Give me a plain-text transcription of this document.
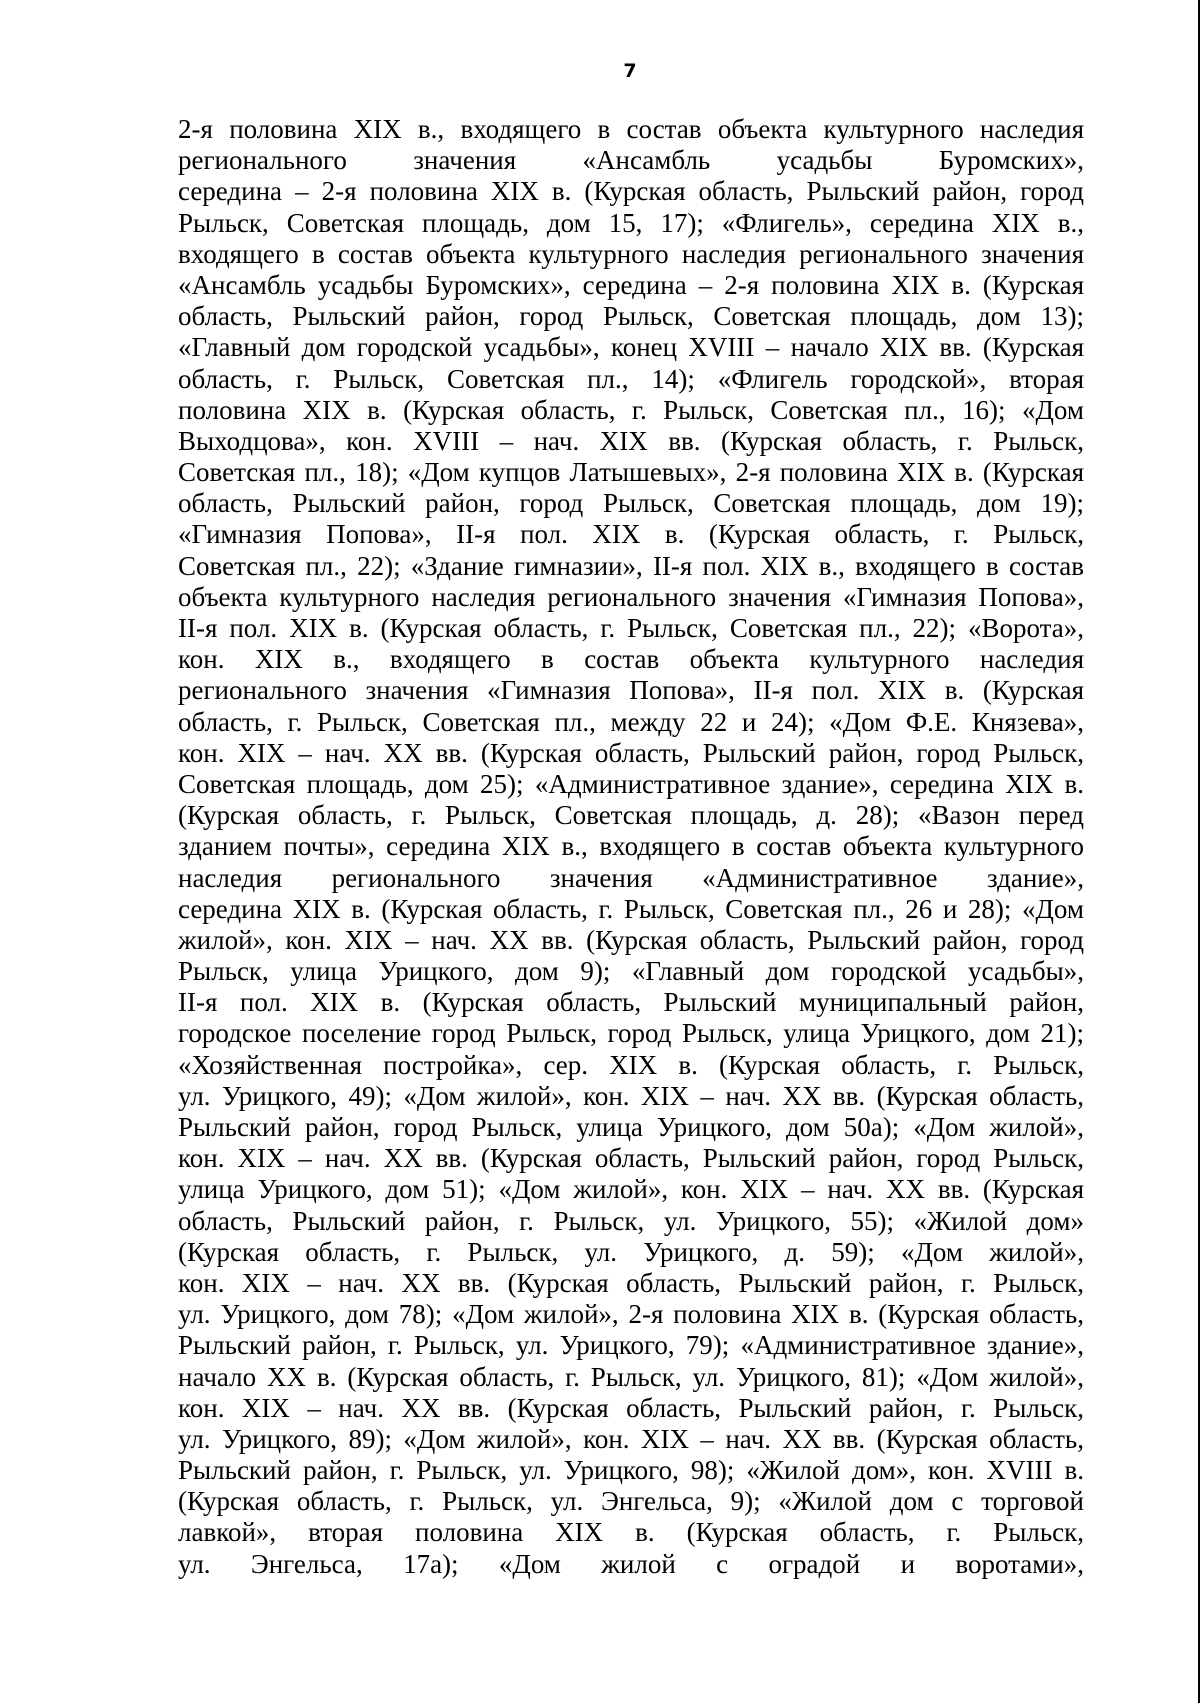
7
2-я половина XIX в., входящего в состав объекта культурного наследия
регионального значения «Ансамбль усадьбы Буромских»,
середина – 2-я половина XIX в. (Курская область, Рыльский район, город
Рыльск, Советская площадь, дом 15, 17); «Флигель», середина XIX в.,
входящего в состав объекта культурного наследия регионального значения
«Ансамбль усадьбы Буромских», середина – 2-я половина XIX в. (Курская
область, Рыльский район, город Рыльск, Советская площадь, дом 13);
«Главный дом городской усадьбы», конец XVIII – начало XIX вв. (Курская
область, г. Рыльск, Советская пл., 14); «Флигель городской», вторая
половина XIX в. (Курская область, г. Рыльск, Советская пл., 16); «Дом
Выходцова», кон. XVIII – нач. XIX вв. (Курская область, г. Рыльск,
Советская пл., 18); «Дом купцов Латышевых», 2-я половина XIX в. (Курская
область, Рыльский район, город Рыльск, Советская площадь, дом 19);
«Гимназия Попова», II-я пол. XIX в. (Курская область, г. Рыльск,
Советская пл., 22); «Здание гимназии», II-я пол. XIX в., входящего в состав
объекта культурного наследия регионального значения «Гимназия Попова»,
II-я пол. XIX в. (Курская область, г. Рыльск, Советская пл., 22); «Ворота»,
кон. XIX в., входящего в состав объекта культурного наследия
регионального значения «Гимназия Попова», II-я пол. XIX в. (Курская
область, г. Рыльск, Советская пл., между 22 и 24); «Дом Ф.Е. Князева»,
кон. XIX – нач. XX вв. (Курская область, Рыльский район, город Рыльск,
Советская площадь, дом 25); «Административное здание», середина XIX в.
(Курская область, г. Рыльск, Советская площадь, д. 28); «Вазон перед
зданием почты», середина XIX в., входящего в состав объекта культурного
наследия регионального значения «Административное здание»,
середина XIX в. (Курская область, г. Рыльск, Советская пл., 26 и 28); «Дом
жилой», кон. XIX – нач. XX вв. (Курская область, Рыльский район, город
Рыльск, улица Урицкого, дом 9); «Главный дом городской усадьбы»,
II-я пол. XIX в. (Курская область, Рыльский муниципальный район,
городское поселение город Рыльск, город Рыльск, улица Урицкого, дом 21);
«Хозяйственная постройка», сер. XIX в. (Курская область, г. Рыльск,
ул. Урицкого, 49); «Дом жилой», кон. XIX – нач. XX вв. (Курская область,
Рыльский район, город Рыльск, улица Урицкого, дом 50а); «Дом жилой»,
кон. XIX – нач. XX вв. (Курская область, Рыльский район, город Рыльск,
улица Урицкого, дом 51); «Дом жилой», кон. XIX – нач. XX вв. (Курская
область, Рыльский район, г. Рыльск, ул. Урицкого, 55); «Жилой дом»
(Курская область, г. Рыльск, ул. Урицкого, д. 59); «Дом жилой»,
кон. XIX – нач. XX вв. (Курская область, Рыльский район, г. Рыльск,
ул. Урицкого, дом 78); «Дом жилой», 2-я половина XIX в. (Курская область,
Рыльский район, г. Рыльск, ул. Урицкого, 79); «Административное здание»,
начало XX в. (Курская область, г. Рыльск, ул. Урицкого, 81); «Дом жилой»,
кон. XIX – нач. XX вв. (Курская область, Рыльский район, г. Рыльск,
ул. Урицкого, 89); «Дом жилой», кон. XIX – нач. XX вв. (Курская область,
Рыльский район, г. Рыльск, ул. Урицкого, 98); «Жилой дом», кон. XVIII в.
(Курская область, г. Рыльск, ул. Энгельса, 9); «Жилой дом с торговой
лавкой», вторая половина XIX в. (Курская область, г. Рыльск,
ул. Энгельса, 17а); «Дом жилой с оградой и воротами»,
